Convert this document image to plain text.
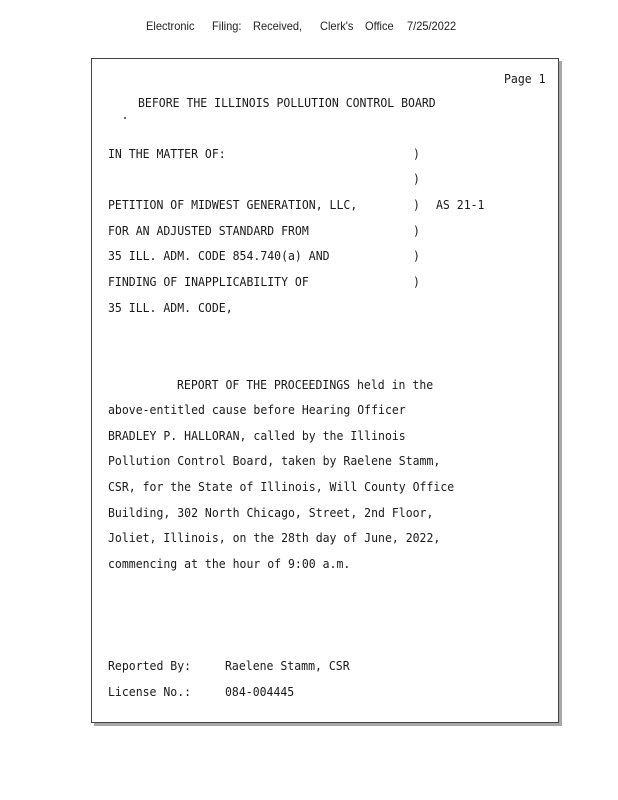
Electronic Filing: Received, Clerk's Office 7/25/2022
Page 1
BEFORE THE ILLINOIS POLLUTION CONTROL BOARD
IN THE MATTER OF:
PETITION OF MIDWEST GENERATION, LLC,
FOR AN ADJUSTED STANDARD FROM
35 ILL. ADM. CODE 854.740(a) AND
FINDING OF INAPPLICABILITY OF
35 ILL. ADM. CODE,
)
)
)
)
)
)
AS 21-1
REPORT OF THE PROCEEDINGS held in the
above-entitled cause before Hearing Officer
BRADLEY P. HALLORAN, called by the Illinois
Pollution Control Board, taken by Raelene Stamm,
CSR, for the State of Illinois, Will County Office
Building, 302 North Chicago, Street, 2nd Floor,
Joliet, Illinois, on the 28th day of June, 2022,
commencing at the hour of 9:00 a.m.
Reported By:	Raelene Stamm, CSR
License No.:	084-004445
